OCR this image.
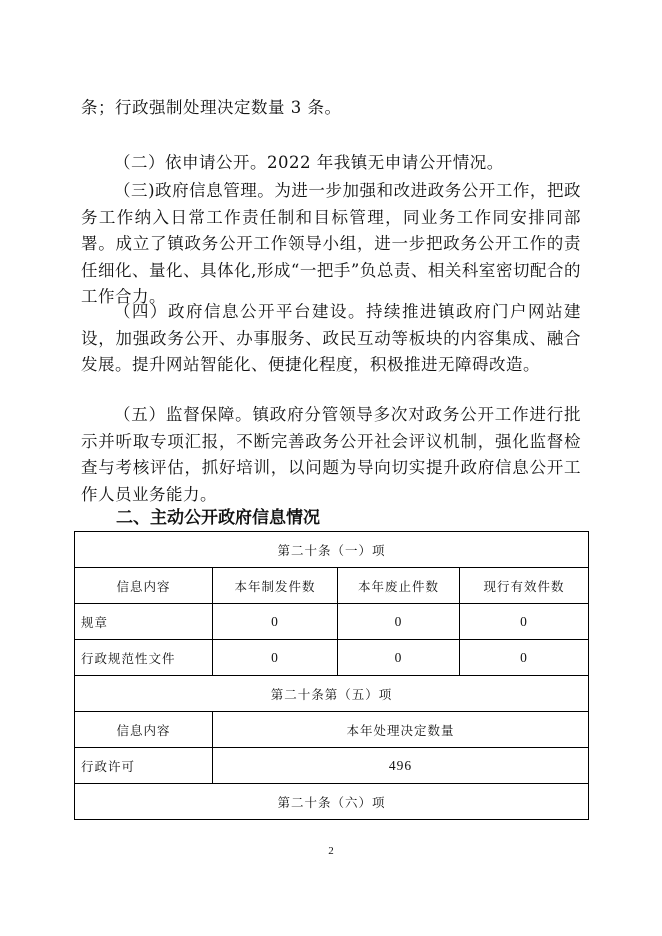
条；行政强制处理决定数量 3 条。

（二）依申请公开。2022 年我镇无申请公开情况。

（三)政府信息管理。为进一步加强和改进政务公开工作，把政务工作纳入日常工作责任制和目标管理，同业务工作同安排同部署。成立了镇政务公开工作领导小组，进一步把政务公开工作的责任细化、量化、具体化,形成“一把手”负总责、相关科室密切配合的工作合力。

（四）政府信息公开平台建设。持续推进镇政府门户网站建设，加强政务公开、办事服务、政民互动等板块的内容集成、融合发展。提升网站智能化、便捷化程度，积极推进无障碍改造。

（五）监督保障。镇政府分管领导多次对政务公开工作进行批示并听取专项汇报，不断完善政务公开社会评议机制，强化监督检查与考核评估，抓好培训，以问题为导向切实提升政府信息公开工作人员业务能力。

二、主动公开政府信息情况

第二十条（一）项			
信息内容	本年制发件数	本年废止件数	现行有效件数
规章	0	0	0
行政规范性文件	0	0	0
第二十条第（五）项			
信息内容	本年处理决定数量		
行政许可	496		
第二十条（六）项			
2
